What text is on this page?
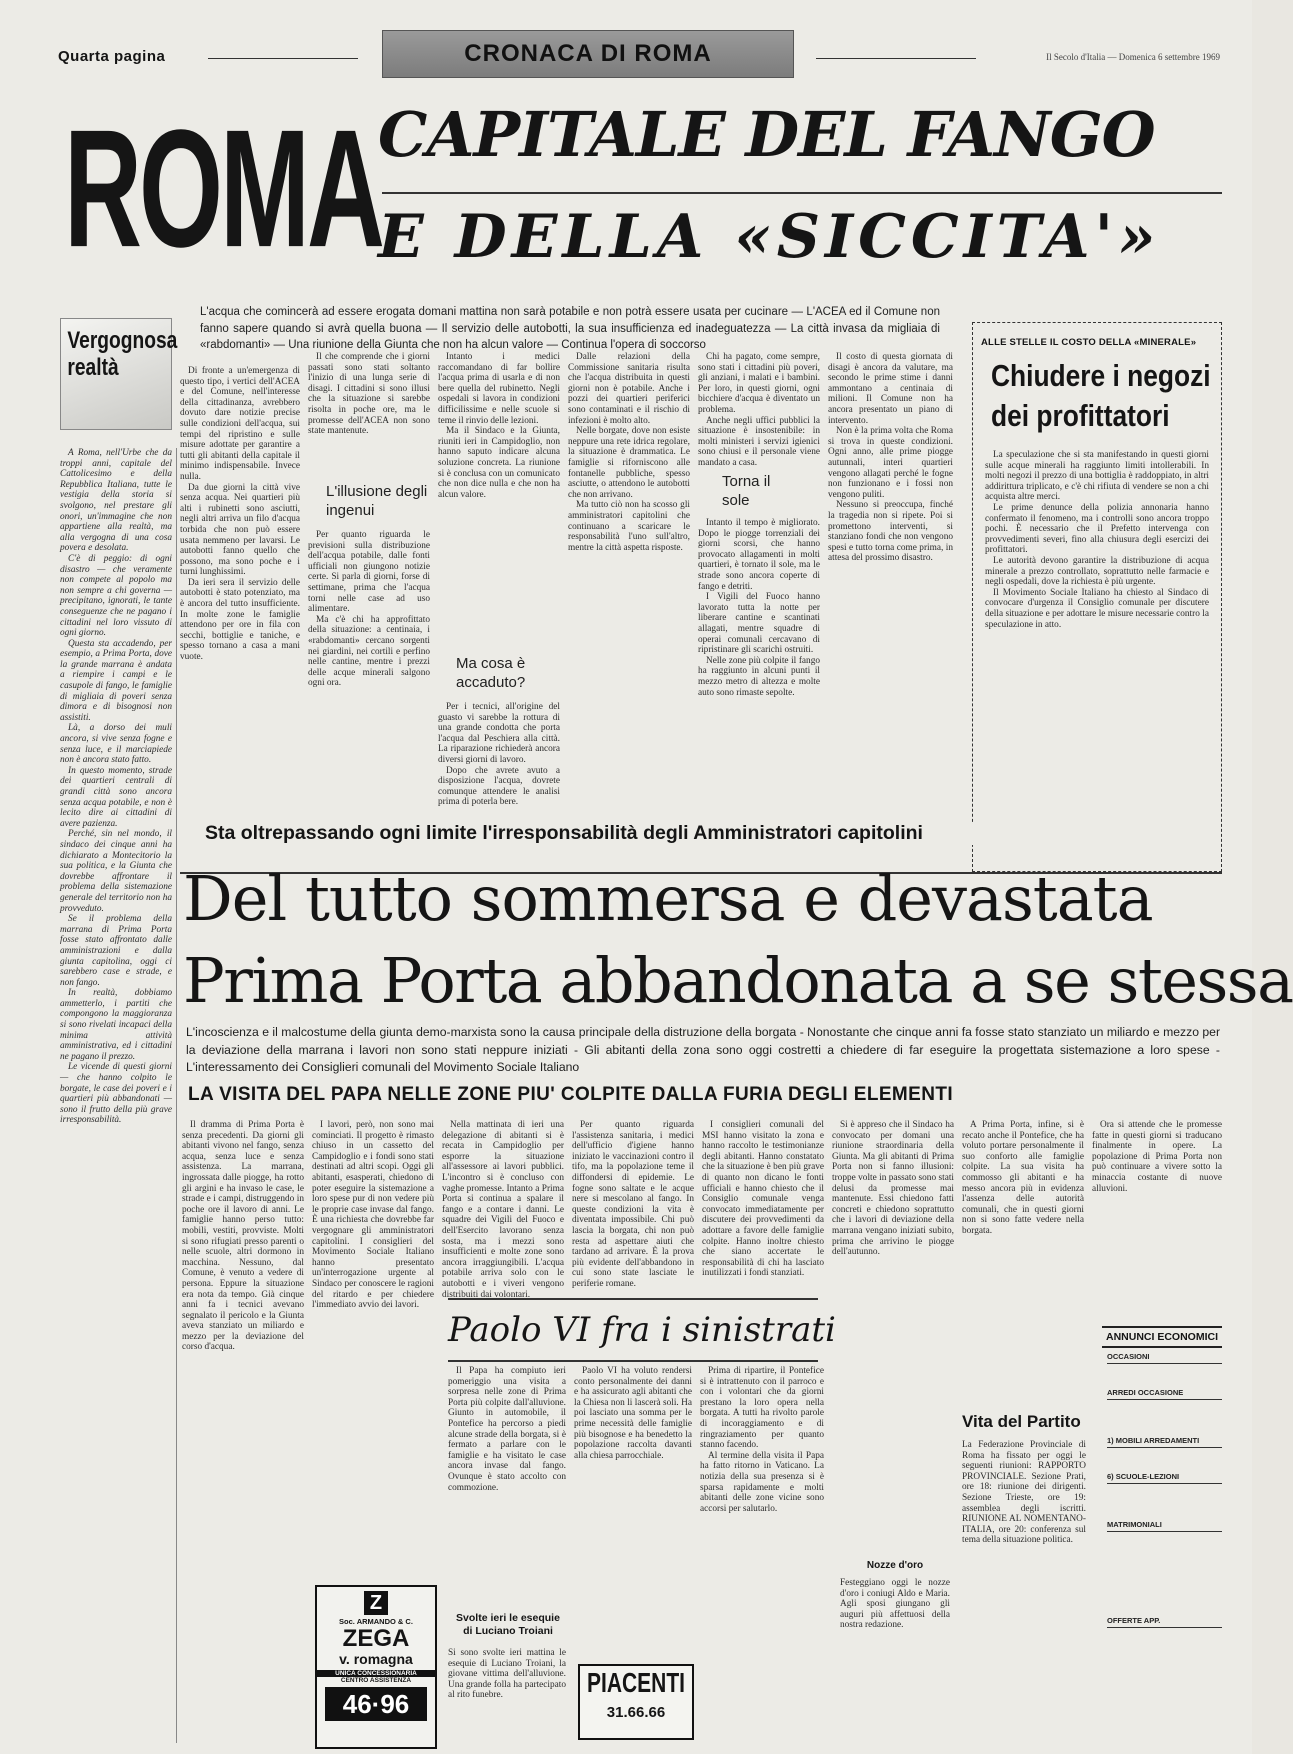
Quarta pagina	CRONACA DI ROMA	Il Secolo d'Italia — Domenica 6 settembre 1969
ROMA
CAPITALE DEL FANGO
E DELLA «SICCITA'»
L'acqua che comincerà ad essere erogata domani mattina non sarà potabile e non potrà essere usata per cucinare — L'ACEA ed il Comune non fanno sapere quando si avrà quella buona — Il servizio delle autobotti, la sua insufficienza ed inadeguatezza — La città invasa da migliaia di «rabdomanti» — Una riunione della Giunta che non ha alcun valore — Continua l'opera di soccorso
Vergognosa realtà

A Roma, nell'Urbe che da troppi anni, capitale del Cattolicesimo e della Repubblica Italiana, tutte le vestigia della storia si svolgono, nel prestare gli onori, un'immagine che non appartiene alla realtà, ma alla vergogna di una cosa povera e desolata.

C'è di peggio: di ogni disastro — che veramente non compete al popolo ma non sempre a chi governa — precipitano, ignorati, le tante conseguenze che ne pagano i cittadini nel loro vissuto di ogni giorno.

Questa sta accadendo, per esempio, a Prima Porta, dove la grande marrana è andata a riempire i campi e le casupole di fango, le famiglie di migliaia di poveri senza dimora e di bisognosi non assistiti.

Là, a dorso dei muli ancora, si vive senza fogne e senza luce, e il marciapiede non è ancora stato fatto.

In questo momento, strade dei quartieri centrali di grandi città sono ancora senza acqua potabile, e non è lecito dire ai cittadini di avere pazienza.

Perché, sin nel mondo, il sindaco dei cinque anni ha dichiarato a Montecitorio la sua politica, e la Giunta che dovrebbe affrontare il problema della sistemazione generale del territorio non ha provveduto.

Se il problema della marrana di Prima Porta fosse stato affrontato dalle amministrazioni e dalla giunta capitolina, oggi ci sarebbero case e strade, e non fango.

In realtà, dobbiamo ammetterlo, i partiti che compongono la maggioranza si sono rivelati incapaci della minima attività amministrativa, ed i cittadini ne pagano il prezzo.

Le vicende di questi giorni — che hanno colpito le borgate, le case dei poveri e i quartieri più abbandonati — sono il frutto della più grave irresponsabilità.

Di fronte a un'emergenza di questo tipo, i vertici dell'ACEA e del Comune, nell'interesse della cittadinanza, avrebbero dovuto dare notizie precise sulle condizioni dell'acqua, sui tempi del ripristino e sulle misure adottate per garantire a tutti gli abitanti della capitale il minimo indispensabile. Invece nulla.

Da due giorni la città vive senza acqua. Nei quartieri più alti i rubinetti sono asciutti, negli altri arriva un filo d'acqua torbida che non può essere usata nemmeno per lavarsi. Le autobotti fanno quello che possono, ma sono poche e i turni lunghissimi.

Da ieri sera il servizio delle autobotti è stato potenziato, ma è ancora del tutto insufficiente. In molte zone le famiglie attendono per ore in fila con secchi, bottiglie e taniche, e spesso tornano a casa a mani vuote.

Il che comprende che i giorni passati sono stati soltanto l'inizio di una lunga serie di disagi. I cittadini si sono illusi che la situazione si sarebbe risolta in poche ore, ma le promesse dell'ACEA non sono state mantenute.

L'illusione degli ingenui

Per quanto riguarda le previsioni sulla distribuzione dell'acqua potabile, dalle fonti ufficiali non giungono notizie certe. Si parla di giorni, forse di settimane, prima che l'acqua torni nelle case ad uso alimentare.

Ma c'è chi ha approfittato della situazione: a centinaia, i «rabdomanti» cercano sorgenti nei giardini, nei cortili e perfino nelle cantine, mentre i prezzi delle acque minerali salgono ogni ora.

Intanto i medici raccomandano di far bollire l'acqua prima di usarla e di non bere quella del rubinetto. Negli ospedali si lavora in condizioni difficilissime e nelle scuole si teme il rinvio delle lezioni.

Ma il Sindaco e la Giunta, riuniti ieri in Campidoglio, non hanno saputo indicare alcuna soluzione concreta. La riunione si è conclusa con un comunicato che non dice nulla e che non ha alcun valore.

Ma cosa è accaduto?

Per i tecnici, all'origine del guasto vi sarebbe la rottura di una grande condotta che porta l'acqua dal Peschiera alla città. La riparazione richiederà ancora diversi giorni di lavoro.

Dopo che avrete avuto a disposizione l'acqua, dovrete comunque attendere le analisi prima di poterla bere.

Dalle relazioni della Commissione sanitaria risulta che l'acqua distribuita in questi giorni non è potabile. Anche i pozzi dei quartieri periferici sono contaminati e il rischio di infezioni è molto alto.

Nelle borgate, dove non esiste neppure una rete idrica regolare, la situazione è drammatica. Le famiglie si riforniscono alle fontanelle pubbliche, spesso asciutte, o attendono le autobotti che non arrivano.

Ma tutto ciò non ha scosso gli amministratori capitolini che continuano a scaricare le responsabilità l'uno sull'altro, mentre la città aspetta risposte.

Chi ha pagato, come sempre, sono stati i cittadini più poveri, gli anziani, i malati e i bambini. Per loro, in questi giorni, ogni bicchiere d'acqua è diventato un problema.

Anche negli uffici pubblici la situazione è insostenibile: in molti ministeri i servizi igienici sono chiusi e il personale viene mandato a casa.

Torna il sole

Intanto il tempo è migliorato. Dopo le piogge torrenziali dei giorni scorsi, che hanno provocato allagamenti in molti quartieri, è tornato il sole, ma le strade sono ancora coperte di fango e detriti.

I Vigili del Fuoco hanno lavorato tutta la notte per liberare cantine e scantinati allagati, mentre squadre di operai comunali cercavano di ripristinare gli scarichi ostruiti.

Nelle zone più colpite il fango ha raggiunto in alcuni punti il mezzo metro di altezza e molte auto sono rimaste sepolte.

Il costo di questa giornata di disagi è ancora da valutare, ma secondo le prime stime i danni ammontano a centinaia di milioni. Il Comune non ha ancora presentato un piano di intervento.

Non è la prima volta che Roma si trova in queste condizioni. Ogni anno, alle prime piogge autunnali, interi quartieri vengono allagati perché le fogne non funzionano e i fossi non vengono puliti.

Nessuno si preoccupa, finché la tragedia non si ripete. Poi si promettono interventi, si stanziano fondi che non vengono spesi e tutto torna come prima, in attesa del prossimo disastro.

ALLE STELLE IL COSTO DELLA «MINERALE»
Chiudere i negozi dei profittatori

La speculazione che si sta manifestando in questi giorni sulle acque minerali ha raggiunto limiti intollerabili. In molti negozi il prezzo di una bottiglia è raddoppiato, in altri addirittura triplicato, e c'è chi rifiuta di vendere se non a chi acquista altre merci.

Le prime denunce della polizia annonaria hanno confermato il fenomeno, ma i controlli sono ancora troppo pochi. È necessario che il Prefetto intervenga con provvedimenti severi, fino alla chiusura degli esercizi dei profittatori.

Le autorità devono garantire la distribuzione di acqua minerale a prezzo controllato, soprattutto nelle farmacie e negli ospedali, dove la richiesta è più urgente.

Il Movimento Sociale Italiano ha chiesto al Sindaco di convocare d'urgenza il Consiglio comunale per discutere della situazione e per adottare le misure necessarie contro la speculazione in atto.

Sta oltrepassando ogni limite l'irresponsabilità degli Amministratori capitolini
Del tutto sommersa e devastata
Prima Porta abbandonata a se stessa
L'incoscienza e il malcostume della giunta demo-marxista sono la causa principale della distruzione della borgata - Nonostante che cinque anni fa fosse stato stanziato un miliardo e mezzo per la deviazione della marrana i lavori non sono stati neppure iniziati - Gli abitanti della zona sono oggi costretti a chiedere di far eseguire la progettata sistemazione a loro spese - L'interessamento dei Consiglieri comunali del Movimento Sociale Italiano
LA VISITA DEL PAPA NELLE ZONE PIU' COLPITE DALLA FURIA DEGLI ELEMENTI

Il dramma di Prima Porta è senza precedenti. Da giorni gli abitanti vivono nel fango, senza acqua, senza luce e senza assistenza. La marrana, ingrossata dalle piogge, ha rotto gli argini e ha invaso le case, le strade e i campi, distruggendo in poche ore il lavoro di anni. Le famiglie hanno perso tutto: mobili, vestiti, provviste. Molti si sono rifugiati presso parenti o nelle scuole, altri dormono in macchina. Nessuno, dal Comune, è venuto a vedere di persona. Eppure la situazione era nota da tempo. Già cinque anni fa i tecnici avevano segnalato il pericolo e la Giunta aveva stanziato un miliardo e mezzo per la deviazione del corso d'acqua.

I lavori, però, non sono mai cominciati. Il progetto è rimasto chiuso in un cassetto del Campidoglio e i fondi sono stati destinati ad altri scopi. Oggi gli abitanti, esasperati, chiedono di poter eseguire la sistemazione a loro spese pur di non vedere più le proprie case invase dal fango. È una richiesta che dovrebbe far vergognare gli amministratori capitolini. I consiglieri del Movimento Sociale Italiano hanno presentato un'interrogazione urgente al Sindaco per conoscere le ragioni del ritardo e per chiedere l'immediato avvio dei lavori.

Nella mattinata di ieri una delegazione di abitanti si è recata in Campidoglio per esporre la situazione all'assessore ai lavori pubblici. L'incontro si è concluso con vaghe promesse. Intanto a Prima Porta si continua a spalare il fango e a contare i danni. Le squadre dei Vigili del Fuoco e dell'Esercito lavorano senza sosta, ma i mezzi sono insufficienti e molte zone sono ancora irraggiungibili. L'acqua potabile arriva solo con le autobotti e i viveri vengono distribuiti dai volontari.

Per quanto riguarda l'assistenza sanitaria, i medici dell'ufficio d'igiene hanno iniziato le vaccinazioni contro il tifo, ma la popolazione teme il diffondersi di epidemie. Le fogne sono saltate e le acque nere si mescolano al fango. In queste condizioni la vita è diventata impossibile. Chi può lascia la borgata, chi non può resta ad aspettare aiuti che tardano ad arrivare. È la prova più evidente dell'abbandono in cui sono state lasciate le periferie romane.

I consiglieri comunali del MSI hanno visitato la zona e hanno raccolto le testimonianze degli abitanti. Hanno constatato che la situazione è ben più grave di quanto non dicano le fonti ufficiali e hanno chiesto che il Consiglio comunale venga convocato immediatamente per discutere dei provvedimenti da adottare a favore delle famiglie colpite. Hanno inoltre chiesto che siano accertate le responsabilità di chi ha lasciato inutilizzati i fondi stanziati.

Si è appreso che il Sindaco ha convocato per domani una riunione straordinaria della Giunta. Ma gli abitanti di Prima Porta non si fanno illusioni: troppe volte in passato sono stati delusi da promesse mai mantenute. Essi chiedono fatti concreti e chiedono soprattutto che i lavori di deviazione della marrana vengano iniziati subito, prima che arrivino le piogge dell'autunno.

A Prima Porta, infine, si è recato anche il Pontefice, che ha voluto portare personalmente il suo conforto alle famiglie colpite. La sua visita ha commosso gli abitanti e ha messo ancora più in evidenza l'assenza delle autorità comunali, che in questi giorni non si sono fatte vedere nella borgata.

Ora si attende che le promesse fatte in questi giorni si traducano finalmente in opere. La popolazione di Prima Porta non può continuare a vivere sotto la minaccia costante di nuove alluvioni.

Paolo VI fra i sinistrati

Il Papa ha compiuto ieri pomeriggio una visita a sorpresa nelle zone di Prima Porta più colpite dall'alluvione. Giunto in automobile, il Pontefice ha percorso a piedi alcune strade della borgata, si è fermato a parlare con le famiglie e ha visitato le case ancora invase dal fango. Ovunque è stato accolto con commozione.

Paolo VI ha voluto rendersi conto personalmente dei danni e ha assicurato agli abitanti che la Chiesa non li lascerà soli. Ha poi lasciato una somma per le prime necessità delle famiglie più bisognose e ha benedetto la popolazione raccolta davanti alla chiesa parrocchiale.

Prima di ripartire, il Pontefice si è intrattenuto con il parroco e con i volontari che da giorni prestano la loro opera nella borgata. A tutti ha rivolto parole di incoraggiamento e di ringraziamento per quanto stanno facendo.

Al termine della visita il Papa ha fatto ritorno in Vaticano. La notizia della sua presenza si è sparsa rapidamente e molti abitanti delle zone vicine sono accorsi per salutarlo.

Svolte ieri le esequie di Luciano Troiani
Si sono svolte ieri mattina le esequie di Luciano Troiani, la giovane vittima dell'alluvione. Una grande folla ha partecipato al rito funebre.
Z
Soc. ARMANDO & C.
ZEGA
v. romagna
UNICA CONCESSIONARIA
CENTRO ASSISTENZA
46·96
PIACENTI
31.66.66
ANNUNCI ECONOMICI
OCCASIONI
ARREDI OCCASIONE
1) MOBILI ARREDAMENTI
6) SCUOLE-LEZIONI
MATRIMONIALI
OFFERTE APP.
Vita del Partito
La Federazione Provinciale di Roma ha fissato per oggi le seguenti riunioni: RAPPORTO PROVINCIALE. Sezione Prati, ore 18: riunione dei dirigenti. Sezione Trieste, ore 19: assemblea degli iscritti. RIUNIONE AL NOMENTANO-ITALIA, ore 20: conferenza sul tema della situazione politica.
Nozze d'oro
Festeggiano oggi le nozze d'oro i coniugi Aldo e Maria. Agli sposi giungano gli auguri più affettuosi della nostra redazione.
